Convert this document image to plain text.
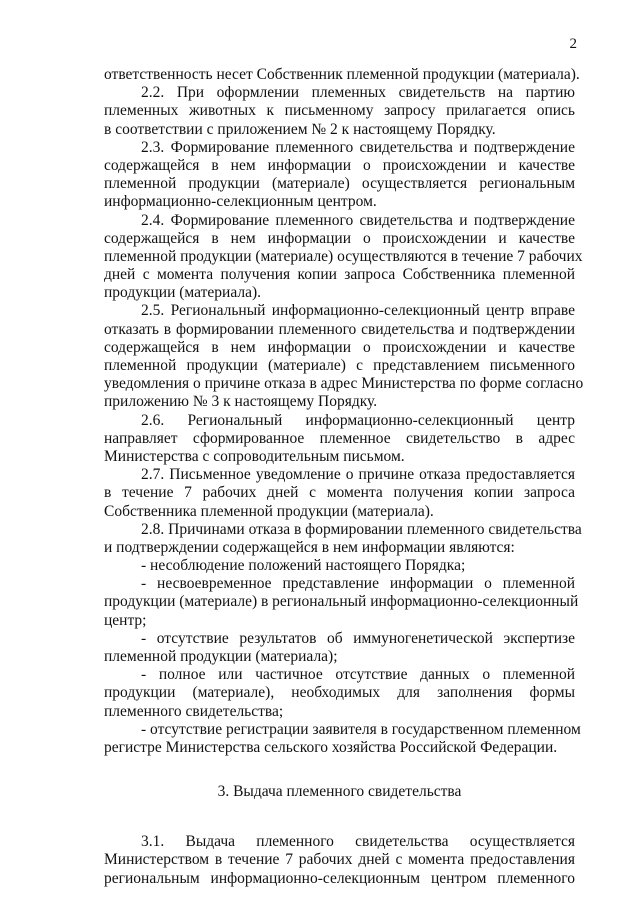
2
ответственность несет Собственник племенной продукции (материала).
2.2. При оформлении племенных свидетельств на партию
племенных животных к письменному запросу прилагается опись
в соответствии с приложением № 2 к настоящему Порядку.
2.3. Формирование племенного свидетельства и подтверждение
содержащейся в нем информации о происхождении и качестве
племенной продукции (материале) осуществляется региональным
информационно-селекционным центром.
2.4. Формирование племенного свидетельства и подтверждение
содержащейся в нем информации о происхождении и качестве
племенной продукции (материале) осуществляются в течение 7 рабочих
дней с момента получения копии запроса Собственника племенной
продукции (материала).
2.5. Региональный информационно-селекционный центр вправе
отказать в формировании племенного свидетельства и подтверждении
содержащейся в нем информации о происхождении и качестве
племенной продукции (материале) с представлением письменного
уведомления о причине отказа в адрес Министерства по форме согласно
приложению № 3 к настоящему Порядку.
2.6. Региональный информационно-селекционный центр
направляет сформированное племенное свидетельство в адрес
Министерства с сопроводительным письмом.
2.7. Письменное уведомление о причине отказа предоставляется
в течение 7 рабочих дней с момента получения копии запроса
Собственника племенной продукции (материала).
2.8. Причинами отказа в формировании племенного свидетельства
и подтверждении содержащейся в нем информации являются:
- несоблюдение положений настоящего Порядка;
- несвоевременное представление информации о племенной
продукции (материале) в региональный информационно-селекционный
центр;
- отсутствие результатов об иммуногенетической экспертизе
племенной продукции (материала);
- полное или частичное отсутствие данных о племенной
продукции (материале), необходимых для заполнения формы
племенного свидетельства;
- отсутствие регистрации заявителя в государственном племенном
регистре Министерства сельского хозяйства Российской Федерации.
3. Выдача племенного свидетельства
3.1. Выдача племенного свидетельства осуществляется
Министерством в течение 7 рабочих дней с момента предоставления
региональным информационно-селекционным центром племенного
